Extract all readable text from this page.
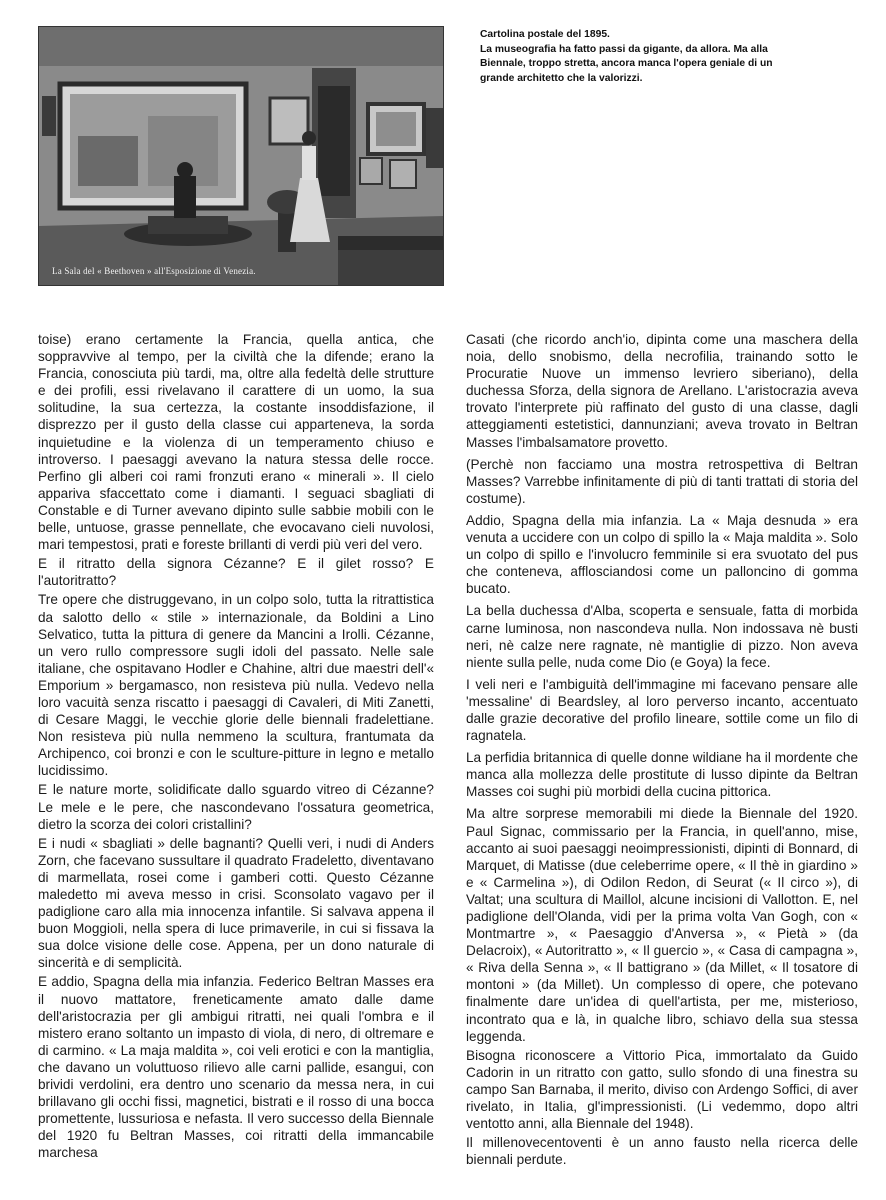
La Sala del « Beethoven » all'Esposizione di Venezia.

Cartolina postale del 1895.

La museografia ha fatto passi da gigante, da allora. Ma alla Biennale, troppo stretta, ancora manca l'opera geniale di un grande architetto che la valorizzi.

toise) erano certamente la Francia, quella antica, che soppravvive al tempo, per la civiltà che la difende; erano la Francia, conosciuta più tardi, ma, oltre alla fedeltà delle strutture e dei profili, essi rivelavano il carattere di un uomo, la sua solitudine, la sua certezza, la costante insoddisfazione, il disprezzo per il gusto della classe cui apparteneva, la sorda inquietudine e la violenza di un temperamento chiuso e introverso. I paesaggi avevano la natura stessa delle rocce. Perfino gli alberi coi rami fronzuti erano « minerali ». Il cielo appariva sfaccettato come i diamanti. I seguaci sbagliati di Constable e di Turner avevano dipinto sulle sabbie mobili con le belle, untuose, grasse pennellate, che evocavano cieli nuvolosi, mari tempestosi, prati e foreste brillanti di verdi più veri del vero.

E il ritratto della signora Cézanne? E il gilet rosso? E l'autoritratto?

Tre opere che distruggevano, in un colpo solo, tutta la ritrattistica da salotto dello « stile » internazionale, da Boldini a Lino Selvatico, tutta la pittura di genere da Mancini a Irolli. Cézanne, un vero rullo compressore sugli idoli del passato. Nelle sale italiane, che ospitavano Hodler e Chahine, altri due maestri dell'« Emporium » bergamasco, non resisteva più nulla. Vedevo nella loro vacuità senza riscatto i paesaggi di Cavaleri, di Miti Zanetti, di Cesare Maggi, le vecchie glorie delle biennali fradelettiane. Non resisteva più nulla nemmeno la scultura, frantumata da Archipenco, coi bronzi e con le sculture-pitture in legno e metallo lucidissimo.

E le nature morte, solidificate dallo sguardo vitreo di Cézanne? Le mele e le pere, che nascondevano l'ossatura geometrica, dietro la scorza dei colori cristallini?

E i nudi « sbagliati » delle bagnanti? Quelli veri, i nudi di Anders Zorn, che facevano sussultare il quadrato Fradeletto, diventavano di marmellata, rosei come i gamberi cotti. Questo Cézanne maledetto mi aveva messo in crisi. Sconsolato vagavo per il padiglione caro alla mia innocenza infantile. Si salvava appena il buon Moggioli, nella spera di luce primaverile, in cui si fissava la sua dolce visione delle cose. Appena, per un dono naturale di sincerità e di semplicità.

E addio, Spagna della mia infanzia. Federico Beltran Masses era il nuovo mattatore, freneticamente amato dalle dame dell'aristocrazia per gli ambigui ritratti, nei quali l'ombra e il mistero erano soltanto un impasto di viola, di nero, di oltremare e di carmino. « La maja maldita », coi veli erotici e con la mantiglia, che davano un voluttuoso rilievo alle carni pallide, esangui, con brividi verdolini, era dentro uno scenario da messa nera, in cui brillavano gli occhi fissi, magnetici, bistrati e il rosso di una bocca promettente, lussuriosa e nefasta. Il vero successo della Biennale del 1920 fu Beltran Masses, coi ritratti della immancabile marchesa

Casati (che ricordo anch'io, dipinta come una maschera della noia, dello snobismo, della necrofilia, trainando sotto le Procuratie Nuove un immenso levriero siberiano), della duchessa Sforza, della signora de Arellano. L'aristocrazia aveva trovato l'interprete più raffinato del gusto di una classe, dagli atteggiamenti estetistici, dannunziani; aveva trovato in Beltran Masses l'imbalsamatore provetto.

(Perchè non facciamo una mostra retrospettiva di Beltran Masses? Varrebbe infinitamente di più di tanti trattati di storia del costume).

Addio, Spagna della mia infanzia. La « Maja desnuda » era venuta a uccidere con un colpo di spillo la « Maja maldita ». Solo un colpo di spillo e l'involucro femminile si era svuotato del pus che conteneva, afflosciandosi come un palloncino di gomma bucato.

La bella duchessa d'Alba, scoperta e sensuale, fatta di morbida carne luminosa, non nascondeva nulla. Non indossava nè busti neri, nè calze nere ragnate, nè mantiglie di pizzo. Non aveva niente sulla pelle, nuda come Dio (e Goya) la fece.

I veli neri e l'ambiguità dell'immagine mi facevano pensare alle 'messaline' di Beardsley, al loro perverso incanto, accentuato dalle grazie decorative del profilo lineare, sottile come un filo di ragnatela.

La perfidia britannica di quelle donne wildiane ha il mordente che manca alla mollezza delle prostitute di lusso dipinte da Beltran Masses coi sughi più morbidi della cucina pittorica.

Ma altre sorprese memorabili mi diede la Biennale del 1920. Paul Signac, commissario per la Francia, in quell'anno, mise, accanto ai suoi paesaggi neoimpressionisti, dipinti di Bonnard, di Marquet, di Matisse (due celeberrime opere, « Il thè in giardino » e « Carmelina »), di Odilon Redon, di Seurat (« Il circo »), di Valtat; una scultura di Maillol, alcune incisioni di Vallotton. E, nel padiglione dell'Olanda, vidi per la prima volta Van Gogh, con « Montmartre », « Paesaggio d'Anversa », « Pietà » (da Delacroix), « Autoritratto », « Il guercio », « Casa di campagna », « Riva della Senna », « Il battigrano » (da Millet, « Il tosatore di montoni » (da Millet). Un complesso di opere, che potevano finalmente dare un'idea di quell'artista, per me, misterioso, incontrato qua e là, in qualche libro, schiavo della sua stessa leggenda.

Bisogna riconoscere a Vittorio Pica, immortalato da Guido Cadorin in un ritratto con gatto, sullo sfondo di una finestra su campo San Barnaba, il merito, diviso con Ardengo Soffici, di aver rivelato, in Italia, gl'impressionisti. (Li vedemmo, dopo altri ventotto anni, alla Biennale del 1948).

Il millenovecentoventi è un anno fausto nella ricerca delle biennali perdute.
